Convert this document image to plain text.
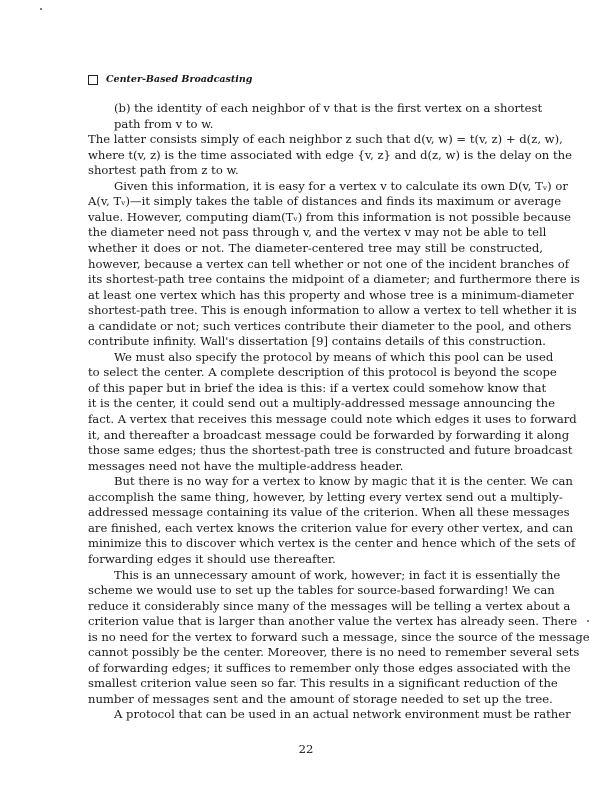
Center-Based Broadcasting
(b) the identity of each neighbor of v that is the first vertex on a shortest
path from v to w.
The latter consists simply of each neighbor z such that d(v, w) = t(v, z) + d(z, w),
where t(v, z) is the time associated with edge {v, z} and d(z, w) is the delay on the
shortest path from z to w.
Given this information, it is easy for a vertex v to calculate its own D(v, Tᵥ) or
A(v, Tᵥ)—it simply takes the table of distances and finds its maximum or average
value. However, computing diam(Tᵥ) from this information is not possible because
the diameter need not pass through v, and the vertex v may not be able to tell
whether it does or not. The diameter-centered tree may still be constructed,
however, because a vertex can tell whether or not one of the incident branches of
its shortest-path tree contains the midpoint of a diameter; and furthermore there is
at least one vertex which has this property and whose tree is a minimum-diameter
shortest-path tree. This is enough information to allow a vertex to tell whether it is
a candidate or not; such vertices contribute their diameter to the pool, and others
contribute infinity. Wall's dissertation [9] contains details of this construction.
We must also specify the protocol by means of which this pool can be used
to select the center. A complete description of this protocol is beyond the scope
of this paper but in brief the idea is this: if a vertex could somehow know that
it is the center, it could send out a multiply-addressed message announcing the
fact. A vertex that receives this message could note which edges it uses to forward
it, and thereafter a broadcast message could be forwarded by forwarding it along
those same edges; thus the shortest-path tree is constructed and future broadcast
messages need not have the multiple-address header.
But there is no way for a vertex to know by magic that it is the center. We can
accomplish the same thing, however, by letting every vertex send out a multiply-
addressed message containing its value of the criterion. When all these messages
are finished, each vertex knows the criterion value for every other vertex, and can
minimize this to discover which vertex is the center and hence which of the sets of
forwarding edges it should use thereafter.
This is an unnecessary amount of work, however; in fact it is essentially the
scheme we would use to set up the tables for source-based forwarding! We can
reduce it considerably since many of the messages will be telling a vertex about a
criterion value that is larger than another value the vertex has already seen. There
is no need for the vertex to forward such a message, since the source of the message
cannot possibly be the center. Moreover, there is no need to remember several sets
of forwarding edges; it suffices to remember only those edges associated with the
smallest criterion value seen so far. This results in a significant reduction of the
number of messages sent and the amount of storage needed to set up the tree.
A protocol that can be used in an actual network environment must be rather
22
